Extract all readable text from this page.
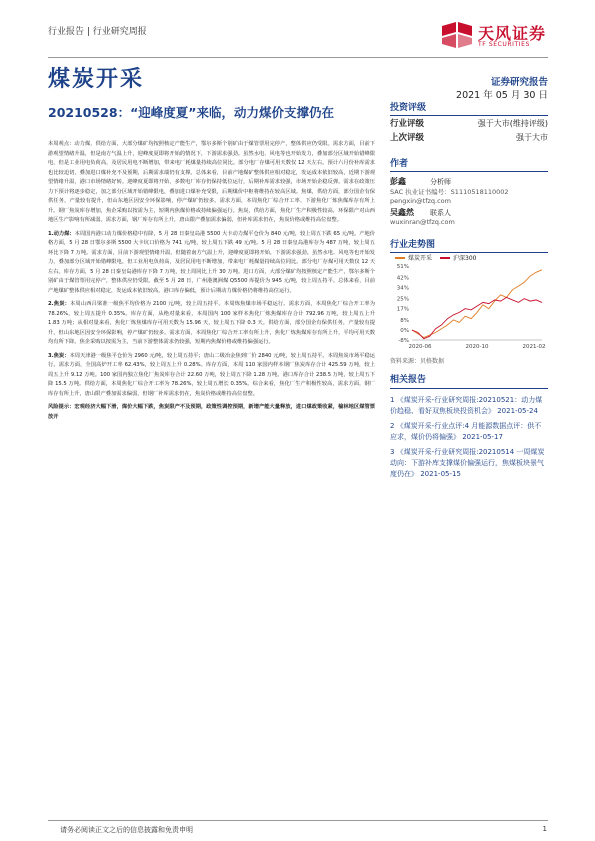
行业报告 | 行业研究周报	天风证券
TF SECURITIES
煤炭开采	证券研究报告
2021 年 05 月 30 日
20210528：“迎峰度夏”来临，动力煤价支撑仍在

本周观点：动力煤，供给方面，大部分煤矿均按照核定产能生产，鄂尔多斯个别矿由于煤管票用完停产，整体供应仍受限。需求方面，目前下游观望情绪升温，但是南方气温上升，迎峰度夏即将开始的情况下，下游需求强劲。虽然水电、风电等也开始发力，叠加部分区域开始错峰限电，但是工业用电负荷高，及居民用电不断增加，带来电厂耗煤量持续高位同比。部分电厂存煤可用天数仅 12 天左右。预计六月份补库需求也比较迫切，叠加进口煤补充不及预期，后期需求端仍有支撑。总体来看，目前产地煤矿整体供应相对稳定，发运成本依旧较高，近期下游观望情绪升温，港口市场情绪好转。迎峰度夏即将开始，多数电厂库存仍保持低位运行，后期补库需求较强，市场开始企稳反弹。需求在政策压力下预计将逐步稳定，加之部分区域开始错峰限电，叠加进口煤补充受限，后期煤价中枢将维持在较高区域。焦煤，供给方面，部分国企有保供任务，产量较有提升，但山东地区因安全环保影响，停产煤矿仍较多。需求方面，本周焦化厂综合开工率、下游焦化厂炼焦煤库存有所上升。钢厂焦炭库存增加，焦企采购以按需为主，短期内焦煤价格或持续偏强运行。焦炭，供给方面，焦化厂生产积极性较高，环保限产对山西地区生产影响有所减弱。需求方面，钢厂库存有所上升，唐山限产叠加需求偏弱，但补库需求仍在，焦炭价格或维持高位盘整。

1.动力煤：本周国内港口动力煤价格稳中有降，5 月 28 日秦皇岛港 5500 大卡动力煤平仓价为 840 元/吨，较上周五下跌 65 元/吨。产地价格方面，5 月 28 日鄂尔多斯 5500 大卡坑口价格为 741 元/吨，较上周五下跌 49 元/吨。5 月 28 日秦皇岛港库存为 487 万吨，较上周五环比下降 7 万吨。需求方面，目前下游观望情绪升温，但随着南方气温上升，迎峰度夏即将开始，下游需求强劲。虽然水电、风电等也开始发力，叠加部分区域开始错峰限电，但工业用电负荷高，及居民用电不断增加，带来电厂耗煤量持续高位同比。部分电厂存煤可用天数仅 12 天左右。库存方面，5 月 28 日秦皇岛港库存下降 7 万吨，较上周同比上升 30 万吨。进口方面，大部分煤矿均按照核定产能生产，鄂尔多斯个别矿由于煤管票用完停产，整体供应仍受限。截至 5 月 28 日，广州港澳洲煤 Q5500 库提价为 945 元/吨，较上周五持平。总体来看，目前产地煤矿整体供应相对稳定，发运成本依旧较高，港口库存偏低，预计后期动力煤价格仍将维持高位运行。

2.焦炭：本周山西吕梁准一级焦平均价格为 2100 元/吨，较上周五持平。本周炼焦煤市场平稳运行。需求方面，本周焦化厂综合开工率为 78.26%，较上周五提升 0.35%。库存方面，从绝对量来看，本周国内 100 家样本焦化厂炼焦煤库存合计 792.96 万吨，较上周五上升 1.83 万吨；从相对量来看，焦化厂炼焦煤库存可用天数为 15.96 天，较上周五下降 0.3 天。供给方面，部分国企有保供任务，产量较有提升，但山东地区因安全环保影响，停产煤矿仍较多。需求方面，本周焦化厂综合开工率有所上升，焦化厂炼焦煤库存有所上升，平均可用天数均有所下降。焦企采购以按需为主，当前下游整体需求仍较强，短期内焦煤价格或维持偏强运行。

3.焦炭：本周天津港一级焦平仓价为 2960 元/吨，较上周五持平；唐山二级冶金焦到厂价 2840 元/吨，较上周五持平。本周焦炭市场平稳运行。需求方面，全国高炉开工率 62.43%，较上周五上升 0.28%。库存方面，本周 110 家国内样本钢厂焦炭库存合计 425.59 万吨，较上周五上升 9.12 万吨。100 家国内独立焦化厂焦炭库存合计 22.60 万吨，较上周五下降 1.28 万吨。港口库存合计 238.5 万吨，较上周五下降 15.5 万吨。供给方面，本周焦化厂综合开工率为 78.26%，较上周五增长 0.35%。综合来看，焦化厂生产积极性较高，需求方面，钢厂库存有所上升，唐山限产叠加需求偏弱，但钢厂补库需求仍在，焦炭价格或维持高位盘整。

风险提示：宏观经济大幅下滑，煤价大幅下跌，焦炭限产不及预期，政策性调控预期，新增产能大量释放，进口煤政策收紧，榆林地区煤管票放开

投资评级
行业评级	强于大市(维持评级)
上次评级	强于大市
作者
彭鑫	分析师
SAC 执业证书编号：S1110518110002
pengxin@tfzq.com
吴鑫然	联系人
wuxinran@tfzq.com
行业走势图
煤炭开采	沪深300
51%
42%
34%
25%
17%
8%
0%
-8%
2020-06	2020-10	2021-02
资料来源：贝格数据
相关报告
1 《煤炭开采-行业研究周报:20210521：动力煤价趋稳、看好双焦板块投资机会》 2021-05-24
2 《煤炭开采-行业点评:4 月能源数据点评：供不应求，煤价仍将偏强》 2021-05-17
3 《煤炭开采-行业研究周报:20210514 一周煤炭动向：下游补库支撑煤价偏强运行，焦煤板块景气度仍在》 2021-05-15
请务必阅读正文之后的信息披露和免责申明	1
